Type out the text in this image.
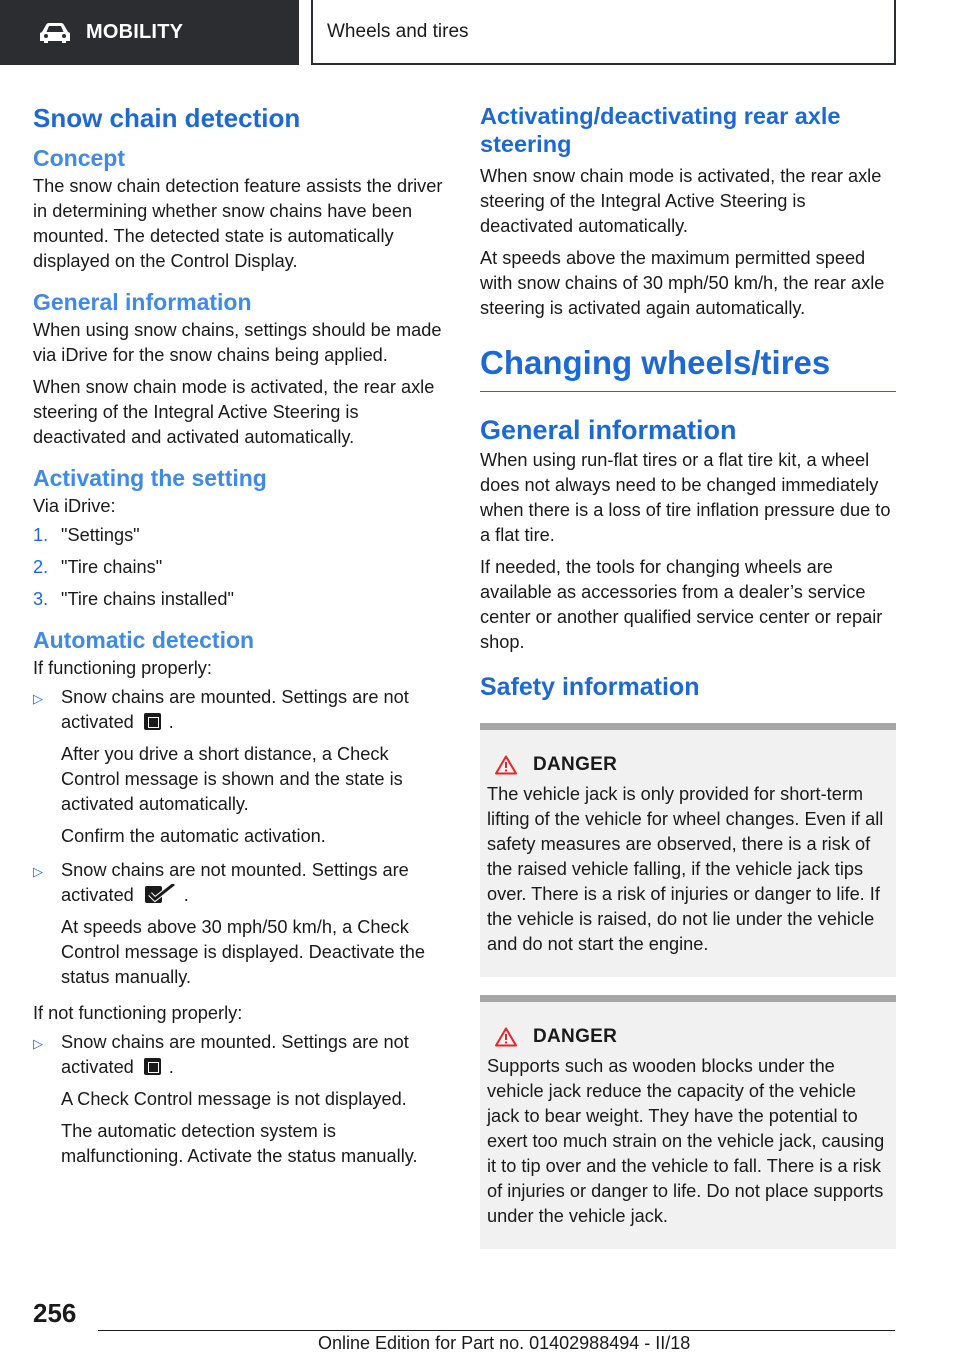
MOBILITY	Wheels and tires
Snow chain detection
Concept

The snow chain detection feature assists the driver in determining whether snow chains have been mounted. The detected state is automatically displayed on the Control Display.

General information

When using snow chains, settings should be made via iDrive for the snow chains being applied.

When snow chain mode is activated, the rear axle steering of the Integral Active Steering is deactivated and activated automatically.

Activating the setting

Via iDrive:

1. "Settings"
2. "Tire chains"
3. "Tire chains installed"
Automatic detection

If functioning properly:

▷ Snow chains are mounted. Settings are not activated .

After you drive a short distance, a Check Control message is shown and the state is activated automatically.

Confirm the automatic activation.

▷ Snow chains are not mounted. Settings are activated	.

At speeds above 30 mph/50 km/h, a Check Control message is displayed. Deactivate the status manually.

If not functioning properly:

▷ Snow chains are mounted. Settings are not activated .

A Check Control message is not displayed.

The automatic detection system is malfunctioning. Activate the status manually.

Activating/deactivating rear axle steering

When snow chain mode is activated, the rear axle steering of the Integral Active Steering is deactivated automatically.

At speeds above the maximum permitted speed with snow chains of 30 mph/50 km/h, the rear axle steering is activated again automatically.

Changing wheels/tires
General information

When using run-flat tires or a flat tire kit, a wheel does not always need to be changed immediately when there is a loss of tire inflation pressure due to a flat tire.

If needed, the tools for changing wheels are available as accessories from a dealer’s service center or another qualified service center or repair shop.

Safety information
DANGER

The vehicle jack is only provided for short-term lifting of the vehicle for wheel changes. Even if all safety measures are observed, there is a risk of the raised vehicle falling, if the vehicle jack tips over. There is a risk of injuries or danger to life. If the vehicle is raised, do not lie under the vehicle and do not start the engine.

DANGER

Supports such as wooden blocks under the vehicle jack reduce the capacity of the vehicle jack to bear weight. They have the potential to exert too much strain on the vehicle jack, causing it to tip over and the vehicle to fall. There is a risk of injuries or danger to life. Do not place supports under the vehicle jack.

256
Online Edition for Part no. 01402988494 - II/18
